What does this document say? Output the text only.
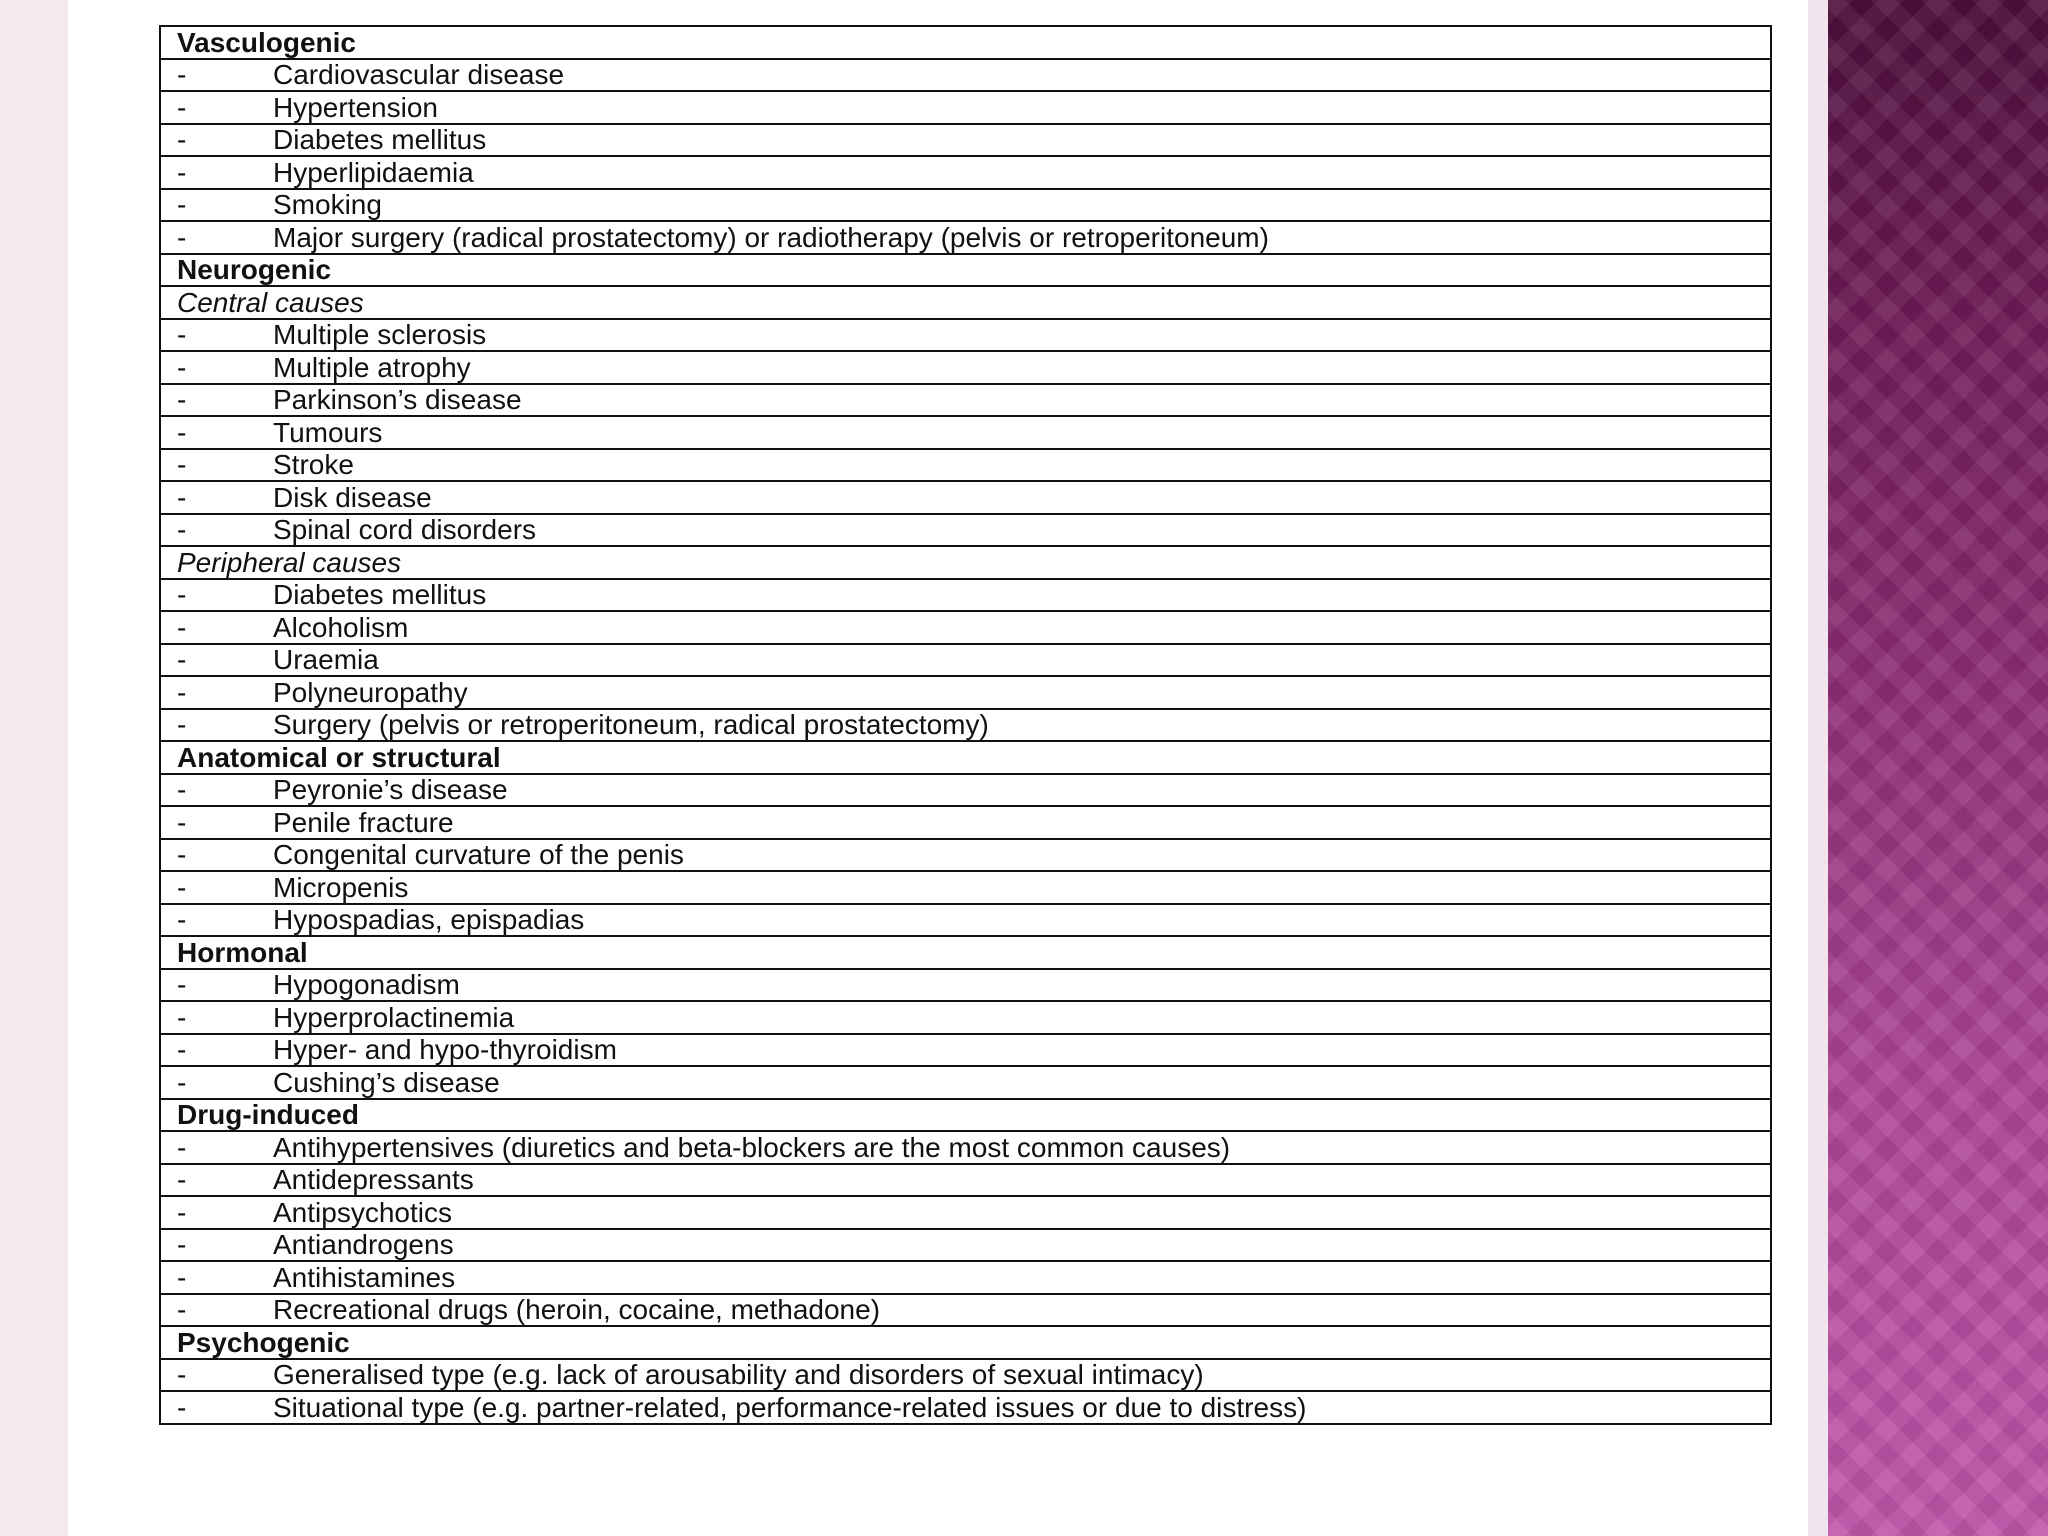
Vasculogenic
-	Cardiovascular disease
-	Hypertension
-	Diabetes mellitus
-	Hyperlipidaemia
-	Smoking
-	Major surgery (radical prostatectomy) or radiotherapy (pelvis or retroperitoneum)
Neurogenic
Central causes
-	Multiple sclerosis
-	Multiple atrophy
-	Parkinson’s disease
-	Tumours
-	Stroke
-	Disk disease
-	Spinal cord disorders
Peripheral causes
-	Diabetes mellitus
-	Alcoholism
-	Uraemia
-	Polyneuropathy
-	Surgery (pelvis or retroperitoneum, radical prostatectomy)
Anatomical or structural
-	Peyronie’s disease
-	Penile fracture
-	Congenital curvature of the penis
-	Micropenis
-	Hypospadias, epispadias
Hormonal
-	Hypogonadism
-	Hyperprolactinemia
-	Hyper- and hypo-thyroidism
-	Cushing’s disease
Drug-induced
-	Antihypertensives (diuretics and beta-blockers are the most common causes)
-	Antidepressants
-	Antipsychotics
-	Antiandrogens
-	Antihistamines
-	Recreational drugs (heroin, cocaine, methadone)
Psychogenic
-	Generalised type (e.g. lack of arousability and disorders of sexual intimacy)
-	Situational type (e.g. partner-related, performance-related issues or due to distress)
